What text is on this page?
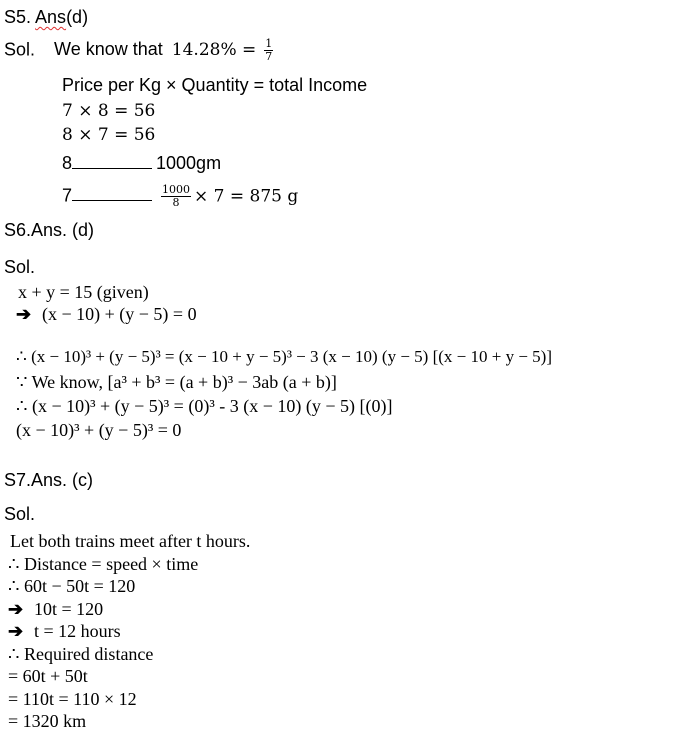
S5. Ans(d)
Sol. We know that $14.28\% = \frac{1}{7}$
Price per Kg × Quantity = total Income
7 × 8 = 56
8 × 7 = 56
8	1000gm
7	$\frac{1000}{8} \times 7 = 875$ g
S6.Ans. (d)
Sol.
x + y = 15 (given)
➔ (x − 10) + (y − 5) = 0
∴ (x − 10)³ + (y − 5)³ = (x − 10 + y − 5)³ − 3 (x − 10) (y − 5) [(x − 10 + y − 5)]
∵ We know, [a³ + b³ = (a + b)³ − 3ab (a + b)]
∴ (x − 10)³ + (y − 5)³ = (0)³ - 3 (x − 10) (y − 5) [(0)]
(x − 10)³ + (y − 5)³ = 0
S7.Ans. (c)
Sol.
Let both trains meet after t hours.
∴ Distance = speed × time
∴ 60t − 50t = 120
➔ 10t = 120
➔ t = 12 hours
∴ Required distance
= 60t + 50t
= 110t = 110 × 12
= 1320 km
